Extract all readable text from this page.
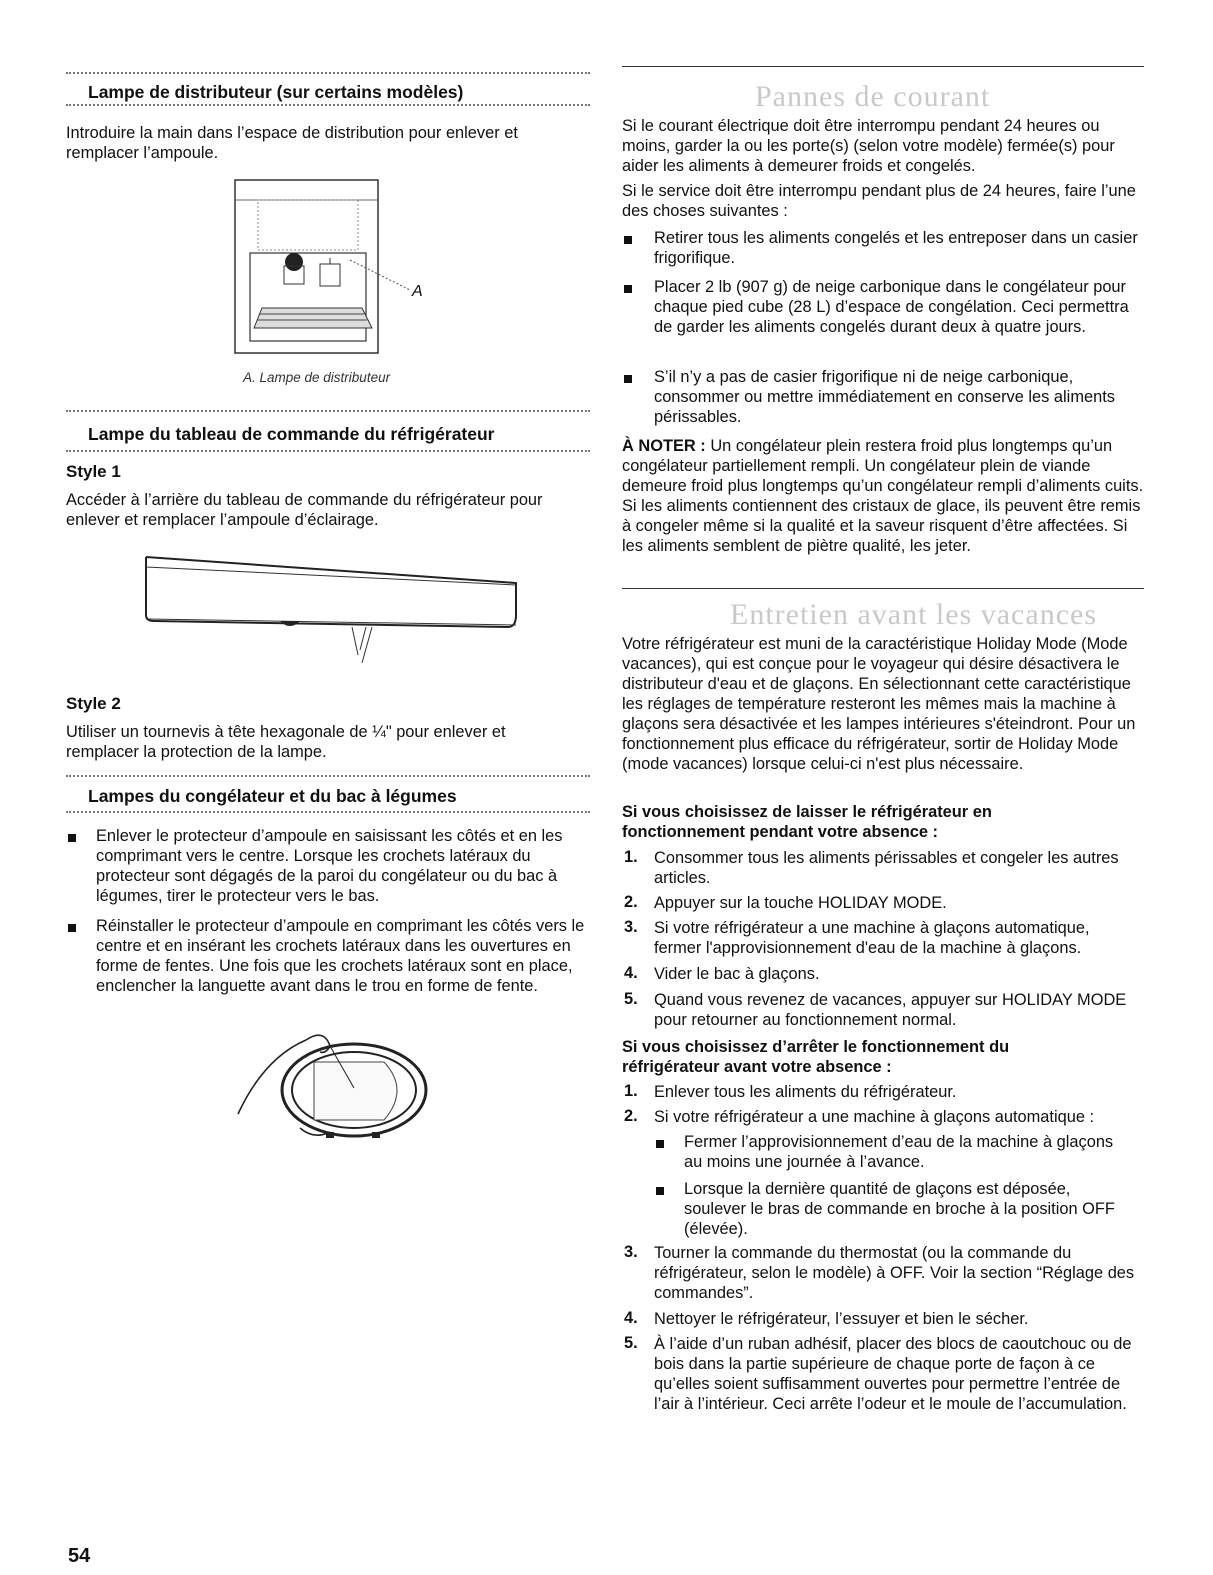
Lampe de distributeur (sur certains modèles)

Introduire la main dans l’espace de distribution pour enlever et remplacer l’ampoule.

A
A. Lampe de distributeur
Lampe du tableau de commande du réfrigérateur
Style 1

Accéder à l’arrière du tableau de commande du réfrigérateur pour enlever et remplacer l’ampoule d’éclairage.

Style 2

Utiliser un tournevis à tête hexagonale de ¼" pour enlever et remplacer la protection de la lampe.

Lampes du congélateur et du bac à légumes

Enlever le protecteur d’ampoule en saisissant les côtés et en les comprimant vers le centre. Lorsque les crochets latéraux du protecteur sont dégagés de la paroi du congélateur ou du bac à légumes, tirer le protecteur vers le bas.

Réinstaller le protecteur d’ampoule en comprimant les côtés vers le centre et en insérant les crochets latéraux dans les ouvertures en forme de fentes. Une fois que les crochets latéraux sont en place, enclencher la languette avant dans le trou en forme de fente.

54
Pannes de courant

Si le courant électrique doit être interrompu pendant 24 heures ou moins, garder la ou les porte(s) (selon votre modèle) fermée(s) pour aider les aliments à demeurer froids et congelés.

Si le service doit être interrompu pendant plus de 24 heures, faire l’une des choses suivantes :

Retirer tous les aliments congelés et les entreposer dans un casier frigorifique.

Placer 2 lb (907 g) de neige carbonique dans le congélateur pour chaque pied cube (28 L) d’espace de congélation. Ceci permettra de garder les aliments congelés durant deux à quatre jours.

S’il n’y a pas de casier frigorifique ni de neige carbonique, consommer ou mettre immédiatement en conserve les aliments périssables.

À NOTER : Un congélateur plein restera froid plus longtemps qu’un congélateur partiellement rempli. Un congélateur plein de viande demeure froid plus longtemps qu’un congélateur rempli d’aliments cuits. Si les aliments contiennent des cristaux de glace, ils peuvent être remis à congeler même si la qualité et la saveur risquent d’être affectées. Si les aliments semblent de piètre qualité, les jeter.

Entretien avant les vacances

Votre réfrigérateur est muni de la caractéristique Holiday Mode (Mode vacances), qui est conçue pour le voyageur qui désire désactivera le distributeur d'eau et de glaçons. En sélectionnant cette caractéristique les réglages de température resteront les mêmes mais la machine à glaçons sera désactivée et les lampes intérieures s'éteindront. Pour un fonctionnement plus efficace du réfrigérateur, sortir de Holiday Mode (mode vacances) lorsque celui-ci n'est plus nécessaire.

Si vous choisissez de laisser le réfrigérateur en fonctionnement pendant votre absence :

1. Consommer tous les aliments périssables et congeler les autres articles.

2. Appuyer sur la touche HOLIDAY MODE.

3. Si votre réfrigérateur a une machine à glaçons automatique, fermer l'approvisionnement d'eau de la machine à glaçons.

4. Vider le bac à glaçons.

5. Quand vous revenez de vacances, appuyer sur HOLIDAY MODE pour retourner au fonctionnement normal.

Si vous choisissez d’arrêter le fonctionnement du réfrigérateur avant votre absence :

1. Enlever tous les aliments du réfrigérateur.

2. Si votre réfrigérateur a une machine à glaçons automatique :

Fermer l’approvisionnement d’eau de la machine à glaçons au moins une journée à l’avance.

Lorsque la dernière quantité de glaçons est déposée, soulever le bras de commande en broche à la position OFF (élevée).

3. Tourner la commande du thermostat (ou la commande du réfrigérateur, selon le modèle) à OFF. Voir la section “Réglage des commandes”.

4. Nettoyer le réfrigérateur, l’essuyer et bien le sécher.

5. À l’aide d’un ruban adhésif, placer des blocs de caoutchouc ou de bois dans la partie supérieure de chaque porte de façon à ce qu’elles soient suffisamment ouvertes pour permettre l’entrée de l’air à l’intérieur. Ceci arrête l’odeur et le moule de l’accumulation.
